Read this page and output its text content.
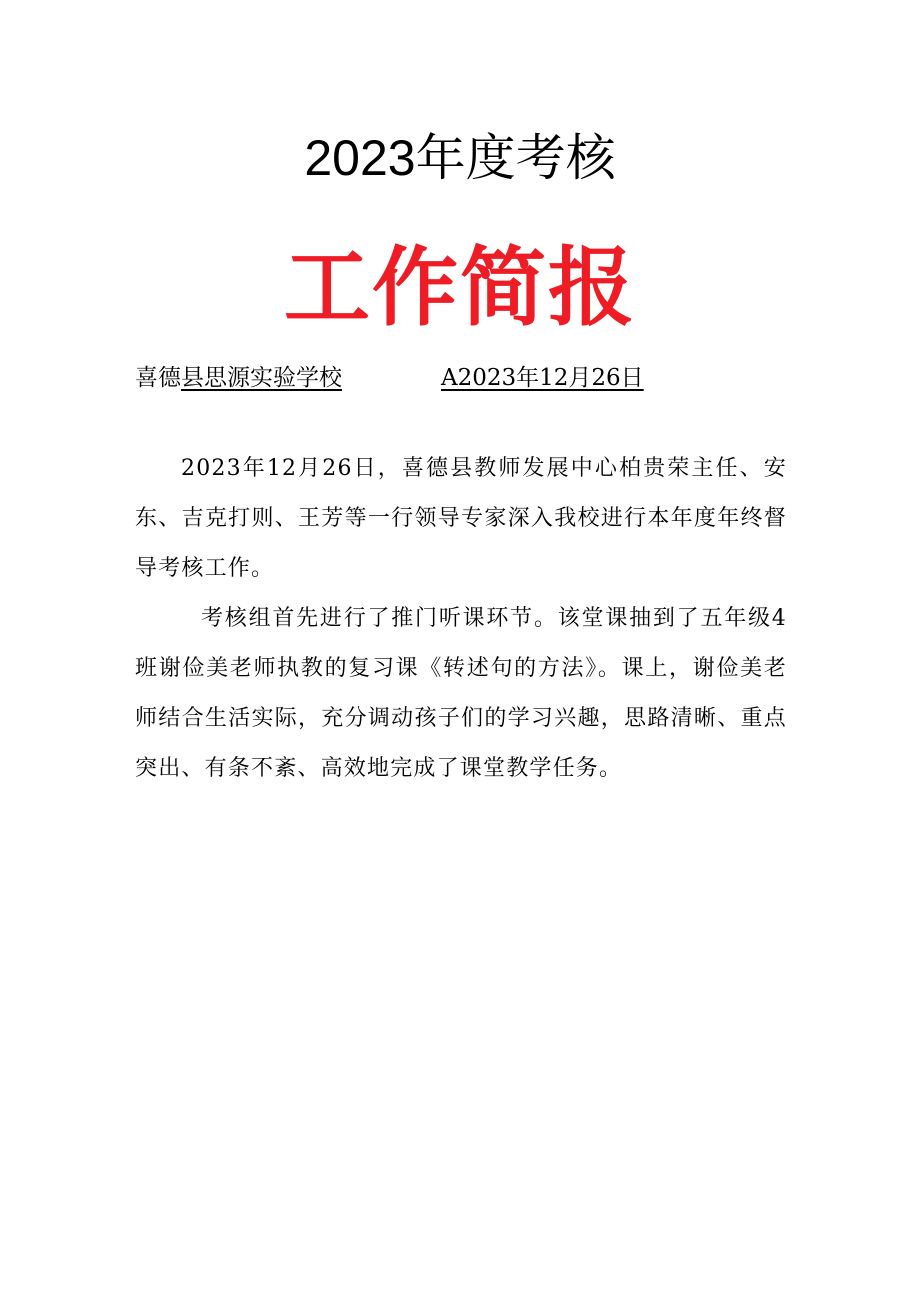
2023年度考核
工作简报
喜德县思源实验学校	A2023年12月26日
2023年12月26日，喜德县教师发展中心柏贵荣主任、安东、吉克打则、王芳等一行领导专家深入我校进行本年度年终督导考核工作。
考核组首先进行了推门听课环节。该堂课抽到了五年级4班谢俭美老师执教的复习课《转述句的方法》。课上，谢俭美老师结合生活实际，充分调动孩子们的学习兴趣，思路清晰、重点突出、有条不紊、高效地完成了课堂教学任务。
